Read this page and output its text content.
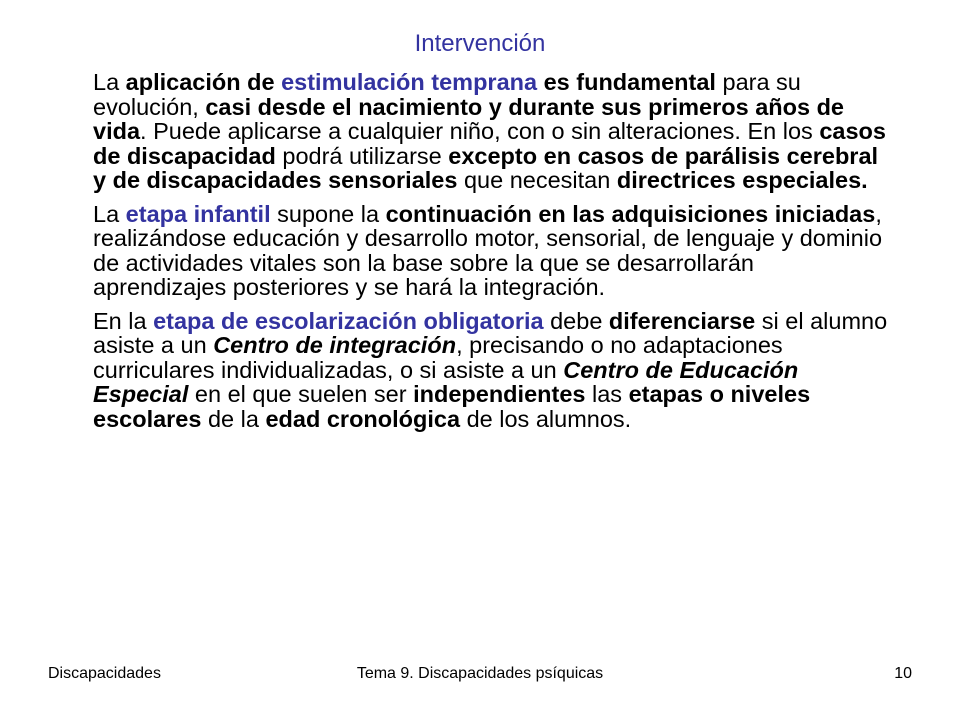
Intervención

La aplicación de estimulación temprana es fundamental para su evolución, casi desde el nacimiento y durante sus primeros años de vida. Puede aplicarse a cualquier niño, con o sin alteraciones. En los casos de discapacidad podrá utilizarse excepto en casos de parálisis cerebral y de discapacidades sensoriales que necesitan directrices especiales.

La etapa infantil supone la continuación en las adquisiciones iniciadas, realizándose educación y desarrollo motor, sensorial, de lenguaje y dominio de actividades vitales son la base sobre la que se desarrollarán aprendizajes posteriores y se hará la integración.

En la etapa de escolarización obligatoria debe diferenciarse si el alumno asiste a un Centro de integración, precisando o no adaptaciones curriculares individualizadas, o si asiste a un Centro de Educación Especial en el que suelen ser independientes las etapas o niveles escolares de la edad cronológica de los alumnos.

Discapacidades	Tema 9. Discapacidades psíquicas	10
